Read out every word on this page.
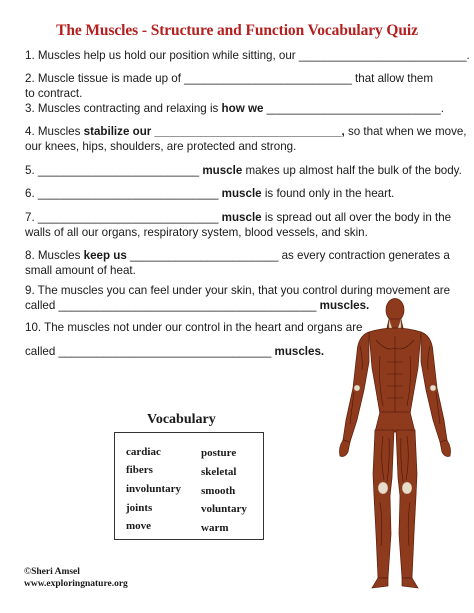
The Muscles - Structure and Function Vocabulary Quiz
1. Muscles help us hold our position while sitting, our __________________________.
2. Muscle tissue is made up of __________________________ that allow them
to contract.
3. Muscles contracting and relaxing is how we ___________________________.
4. Muscles stabilize our _____________________________, so that when we move,
our knees, hips, shoulders, are protected and strong.
5. _________________________ muscle makes up almost half the bulk of the body.
6. ____________________________ muscle is found only in the heart.
7. ____________________________ muscle is spread out all over the body in the
walls of all our organs, respiratory system, blood vessels, and skin.
8. Muscles keep us _______________________ as every contraction generates a
small amount of heat.
9. The muscles you can feel under your skin, that you control during movement are
called ________________________________________ muscles.
10. The muscles not under our control in the heart and organs are
called _________________________________ muscles.
Vocabulary
cardiac
fibers
involuntary
joints
move
posture
skeletal
smooth
voluntary
warm
©Sheri Amsel
www.exploringnature.org
